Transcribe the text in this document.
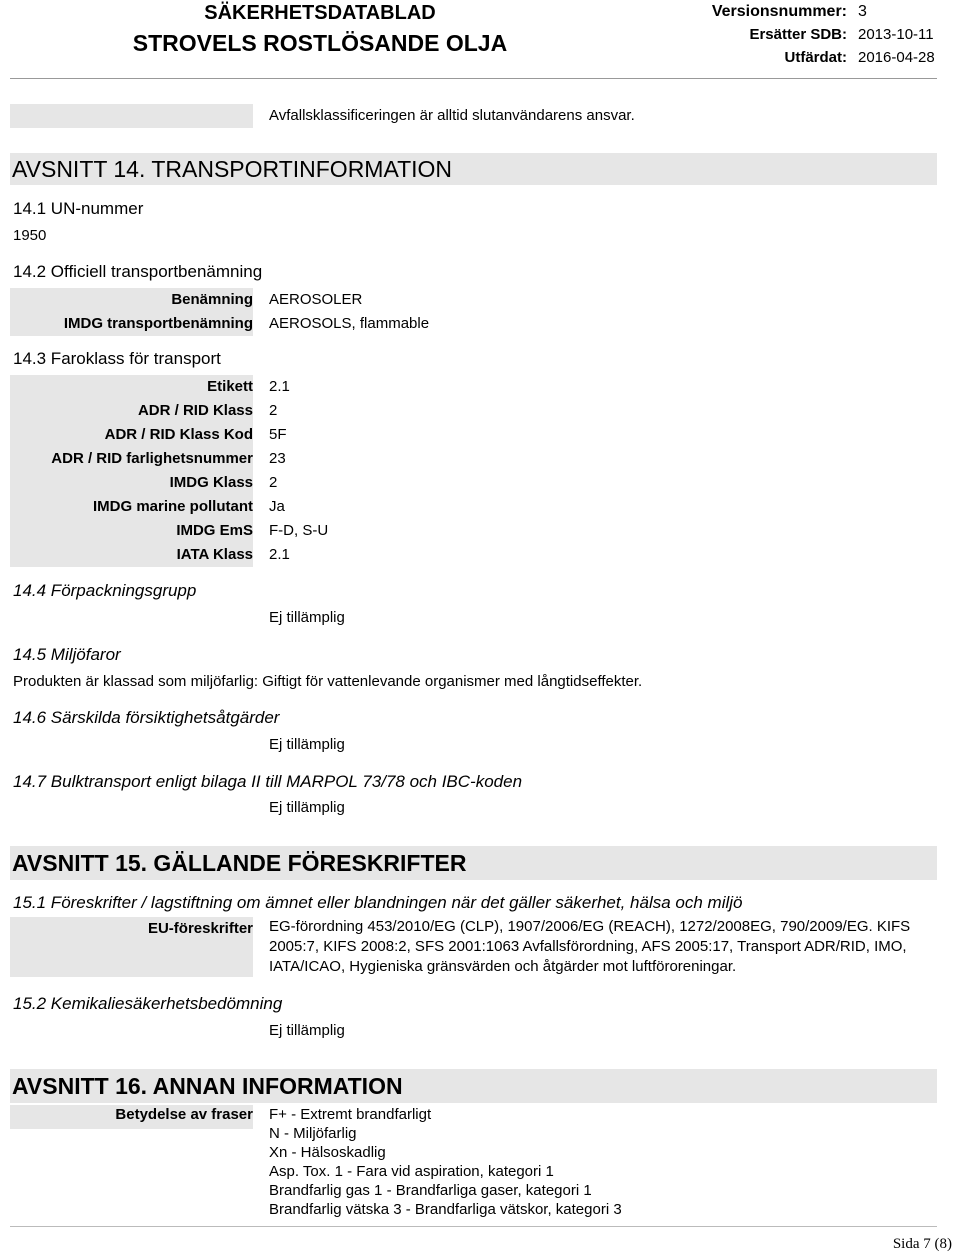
SÄKERHETSDATABLAD
STROVELS ROSTLÖSANDE OLJA
Versionsnummer: 3
Ersätter SDB: 2013-10-11
Utfärdat: 2016-04-28
Avfallsklassificeringen är alltid slutanvändarens ansvar.
AVSNITT 14. TRANSPORTINFORMATION
14.1 UN-nummer
1950
14.2 Officiell transportbenämning
Benämning AEROSOLER
IMDG transportbenämning AEROSOLS, flammable
14.3 Faroklass för transport
Etikett 2.1
ADR / RID Klass 2
ADR / RID Klass Kod 5F
ADR / RID farlighetsnummer 23
IMDG Klass 2
IMDG marine pollutant Ja
IMDG EmS F-D, S-U
IATA Klass 2.1
14.4 Förpackningsgrupp
Ej tillämplig
14.5 Miljöfaror
Produkten är klassad som miljöfarlig: Giftigt för vattenlevande organismer med långtidseffekter.
14.6 Särskilda försiktighetsåtgärder
Ej tillämplig
14.7 Bulktransport enligt bilaga II till MARPOL 73/78 och IBC-koden
Ej tillämplig
AVSNITT 15. GÄLLANDE FÖRESKRIFTER
15.1 Föreskrifter / lagstiftning om ämnet eller blandningen när det gäller säkerhet, hälsa och miljö
EU-föreskrifter EG-förordning 453/2010/EG (CLP), 1907/2006/EG (REACH), 1272/2008EG, 790/2009/EG. KIFS
2005:7, KIFS 2008:2, SFS 2001:1063 Avfallsförordning, AFS 2005:17, Transport ADR/RID, IMO,
IATA/ICAO, Hygieniska gränsvärden och åtgärder mot luftföroreningar.
15.2 Kemikaliesäkerhetsbedömning
Ej tillämplig
AVSNITT 16. ANNAN INFORMATION
Betydelse av fraser F+ - Extremt brandfarligt
N - Miljöfarlig
Xn - Hälsoskadlig
Asp. Tox. 1 - Fara vid aspiration, kategori 1
Brandfarlig gas 1 - Brandfarliga gaser, kategori 1
Brandfarlig vätska 3 - Brandfarliga vätskor, kategori 3
Sida 7 (8)
